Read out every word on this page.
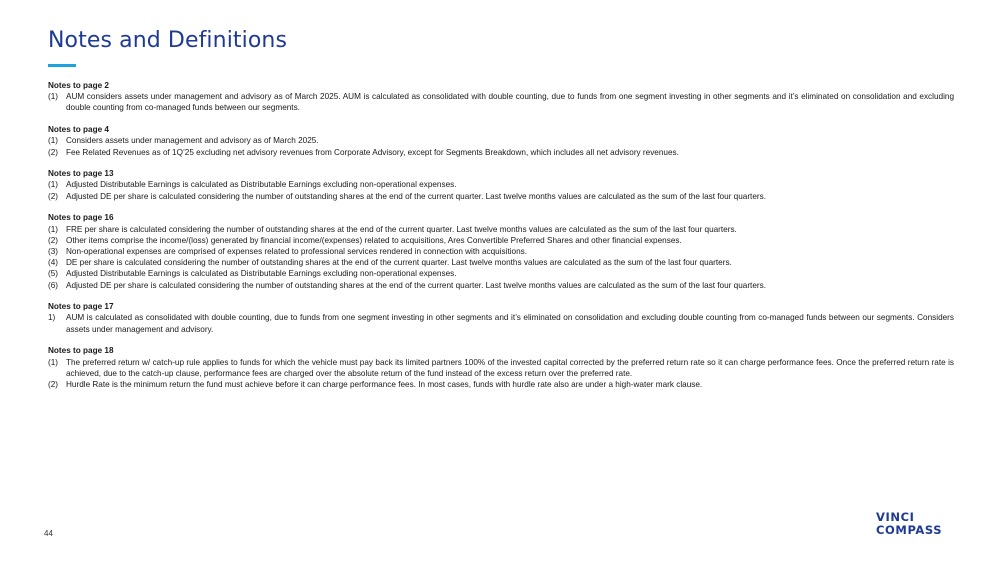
Notes and Definitions
Notes to page 2
(1) AUM considers assets under management and advisory as of March 2025. AUM is calculated as consolidated with double counting, due to funds from one segment investing in other segments and it’s eliminated on consolidation and excluding double counting from co-managed funds between our segments.
Notes to page 4
(1) Considers assets under management and advisory as of March 2025.
(2) Fee Related Revenues as of 1Q’25 excluding net advisory revenues from Corporate Advisory, except for Segments Breakdown, which includes all net advisory revenues.
Notes to page 13
(1) Adjusted Distributable Earnings is calculated as Distributable Earnings excluding non-operational expenses.
(2) Adjusted DE per share is calculated considering the number of outstanding shares at the end of the current quarter. Last twelve months values are calculated as the sum of the last four quarters.
Notes to page 16
(1) FRE per share is calculated considering the number of outstanding shares at the end of the current quarter. Last twelve months values are calculated as the sum of the last four quarters.
(2) Other items comprise the income/(loss) generated by financial income/(expenses) related to acquisitions, Ares Convertible Preferred Shares and other financial expenses.
(3) Non-operational expenses are comprised of expenses related to professional services rendered in connection with acquisitions.
(4) DE per share is calculated considering the number of outstanding shares at the end of the current quarter. Last twelve months values are calculated as the sum of the last four quarters.
(5) Adjusted Distributable Earnings is calculated as Distributable Earnings excluding non-operational expenses.
(6) Adjusted DE per share is calculated considering the number of outstanding shares at the end of the current quarter. Last twelve months values are calculated as the sum of the last four quarters.
Notes to page 17
1)	AUM is calculated as consolidated with double counting, due to funds from one segment investing in other segments and it’s eliminated on consolidation and excluding double counting from co-managed funds between our segments. Considers assets under management and advisory.
Notes to page 18
(1) The preferred return w/ catch-up rule applies to funds for which the vehicle must pay back its limited partners 100% of the invested capital corrected by the preferred return rate so it can charge performance fees. Once the preferred return rate is achieved, due to the catch-up clause, performance fees are charged over the absolute return of the fund instead of the excess return over the preferred rate.
(2) Hurdle Rate is the minimum return the fund must achieve before it can charge performance fees. In most cases, funds with hurdle rate also are under a high-water mark clause.
44
VINCI
COMPASS
